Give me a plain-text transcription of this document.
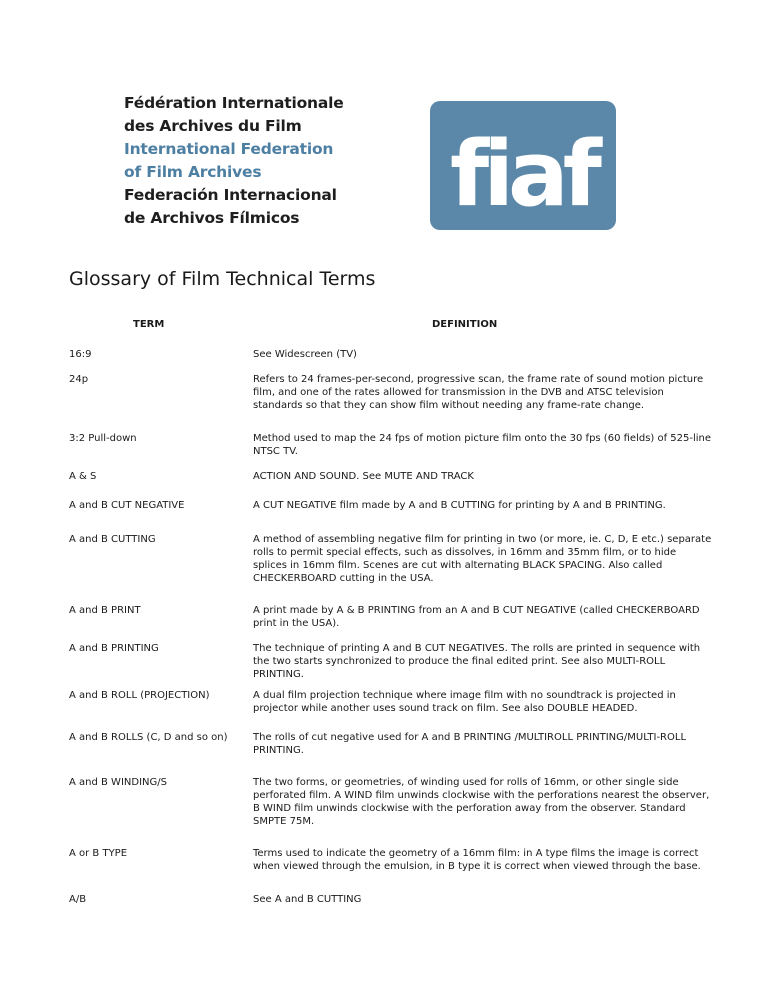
Fédération Internationale
des Archives du Film
International Federation
of Film Archives
Federación Internacional
de Archivos Fílmicos	fiaf
Glossary of Film Technical Terms
TERM	DEFINITION
16:9	See Widescreen (TV)
24p	Refers to 24 frames-per-second, progressive scan, the frame rate of sound motion picture film, and one of the rates allowed for transmission in the DVB and ATSC television standards so that they can show film without needing any frame-rate change.
3:2 Pull-down	Method used to map the 24 fps of motion picture film onto the 30 fps (60 fields) of 525-line NTSC TV.
A & S	ACTION AND SOUND. See MUTE AND TRACK
A and B CUT NEGATIVE	A CUT NEGATIVE film made by A and B CUTTING for printing by A and B PRINTING.
A and B CUTTING	A method of assembling negative film for printing in two (or more, ie. C, D, E etc.) separate rolls to permit special effects, such as dissolves, in 16mm and 35mm film, or to hide splices in 16mm film. Scenes are cut with alternating BLACK SPACING. Also called CHECKERBOARD cutting in the USA.
A and B PRINT	A print made by A & B PRINTING from an A and B CUT NEGATIVE (called CHECKERBOARD print in the USA).
A and B PRINTING	The technique of printing A and B CUT NEGATIVES. The rolls are printed in sequence with the two starts synchronized to produce the final edited print. See also MULTI-ROLL PRINTING.
A and B ROLL (PROJECTION)	A dual film projection technique where image film with no soundtrack is projected in projector while another uses sound track on film. See also DOUBLE HEADED.
A and B ROLLS (C, D and so on)	The rolls of cut negative used for A and B PRINTING /MULTIROLL PRINTING/MULTI-ROLL PRINTING.
A and B WINDING/S	The two forms, or geometries, of winding used for rolls of 16mm, or other single side perforated film. A WIND film unwinds clockwise with the perforations nearest the observer, B WIND film unwinds clockwise with the perforation away from the observer. Standard SMPTE 75M.
A or B TYPE	Terms used to indicate the geometry of a 16mm film: in A type films the image is correct when viewed through the emulsion, in B type it is correct when viewed through the base.
A/B	See A and B CUTTING
